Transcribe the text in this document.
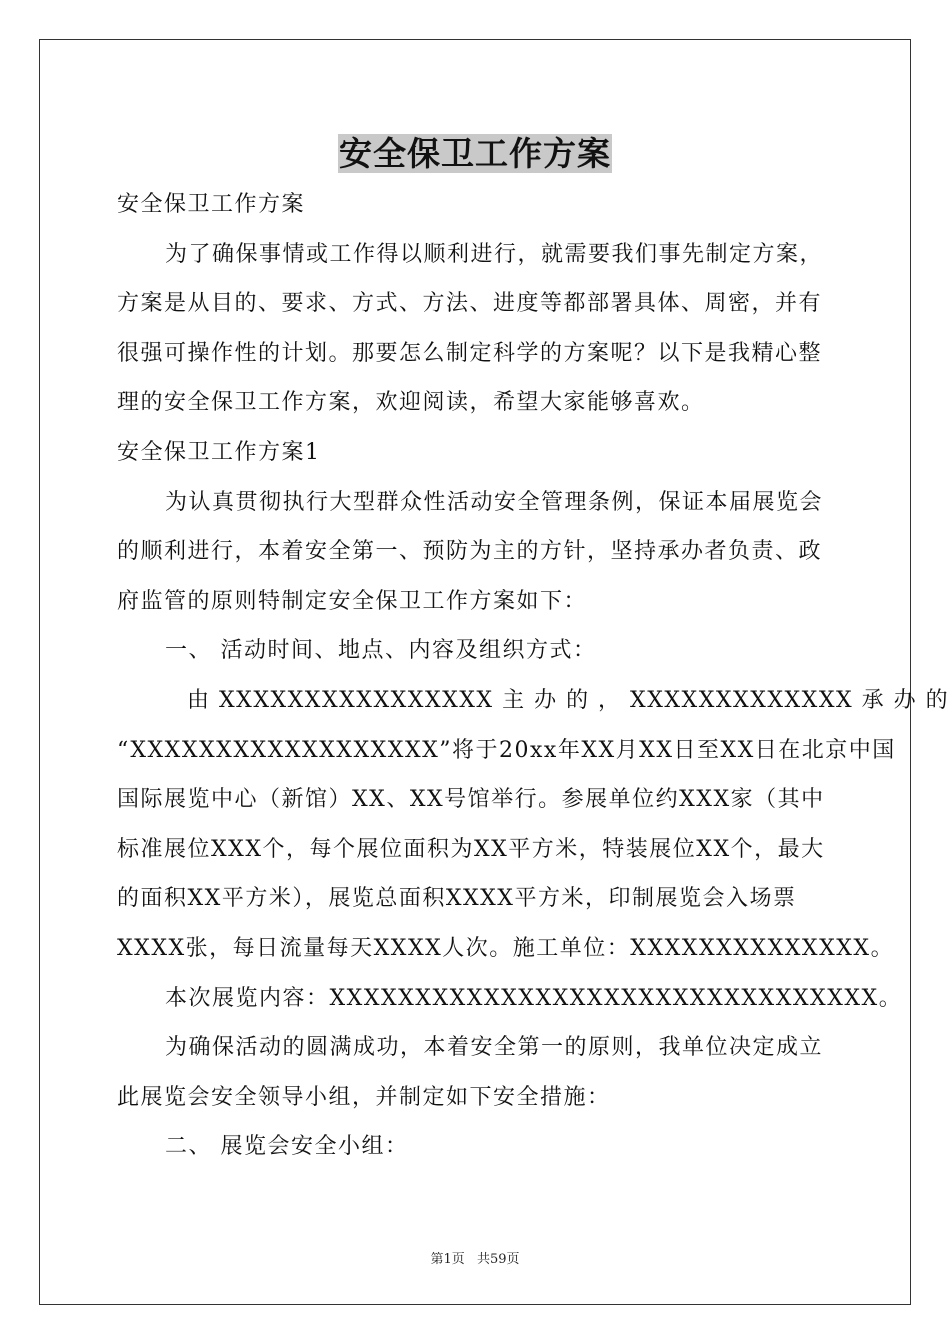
安全保卫工作方案
安全保卫工作方案
为了确保事情或工作得以顺利进行，就需要我们事先制定方案，
方案是从目的、要求、方式、方法、进度等都部署具体、周密，并有
很强可操作性的计划。那要怎么制定科学的方案呢？以下是我精心整
理的安全保卫工作方案，欢迎阅读，希望大家能够喜欢。
安全保卫工作方案1
为认真贯彻执行大型群众性活动安全管理条例，保证本届展览会
的顺利进行，本着安全第一、预防为主的方针，坚持承办者负责、政
府监管的原则特制定安全保卫工作方案如下：
一、 活动时间、地点、内容及组织方式：
由 XXXXXXXXXXXXXXXX 主 办 的 ， XXXXXXXXXXXXX 承 办 的
“XXXXXXXXXXXXXXXXXX”将于20xx年XX月XX日至XX日在北京中国
国际展览中心（新馆）XX、XX号馆举行。参展单位约XXX家（其中
标准展位XXX个，每个展位面积为XX平方米，特装展位XX个，最大
的面积XX平方米），展览总面积XXXX平方米，印制展览会入场票
XXXX张，每日流量每天XXXX人次。施工单位：XXXXXXXXXXXXXX。
本次展览内容：XXXXXXXXXXXXXXXXXXXXXXXXXXXXXXXX。
为确保活动的圆满成功，本着安全第一的原则，我单位决定成立
此展览会安全领导小组，并制定如下安全措施：
二、 展览会安全小组：
第1页 共59页
